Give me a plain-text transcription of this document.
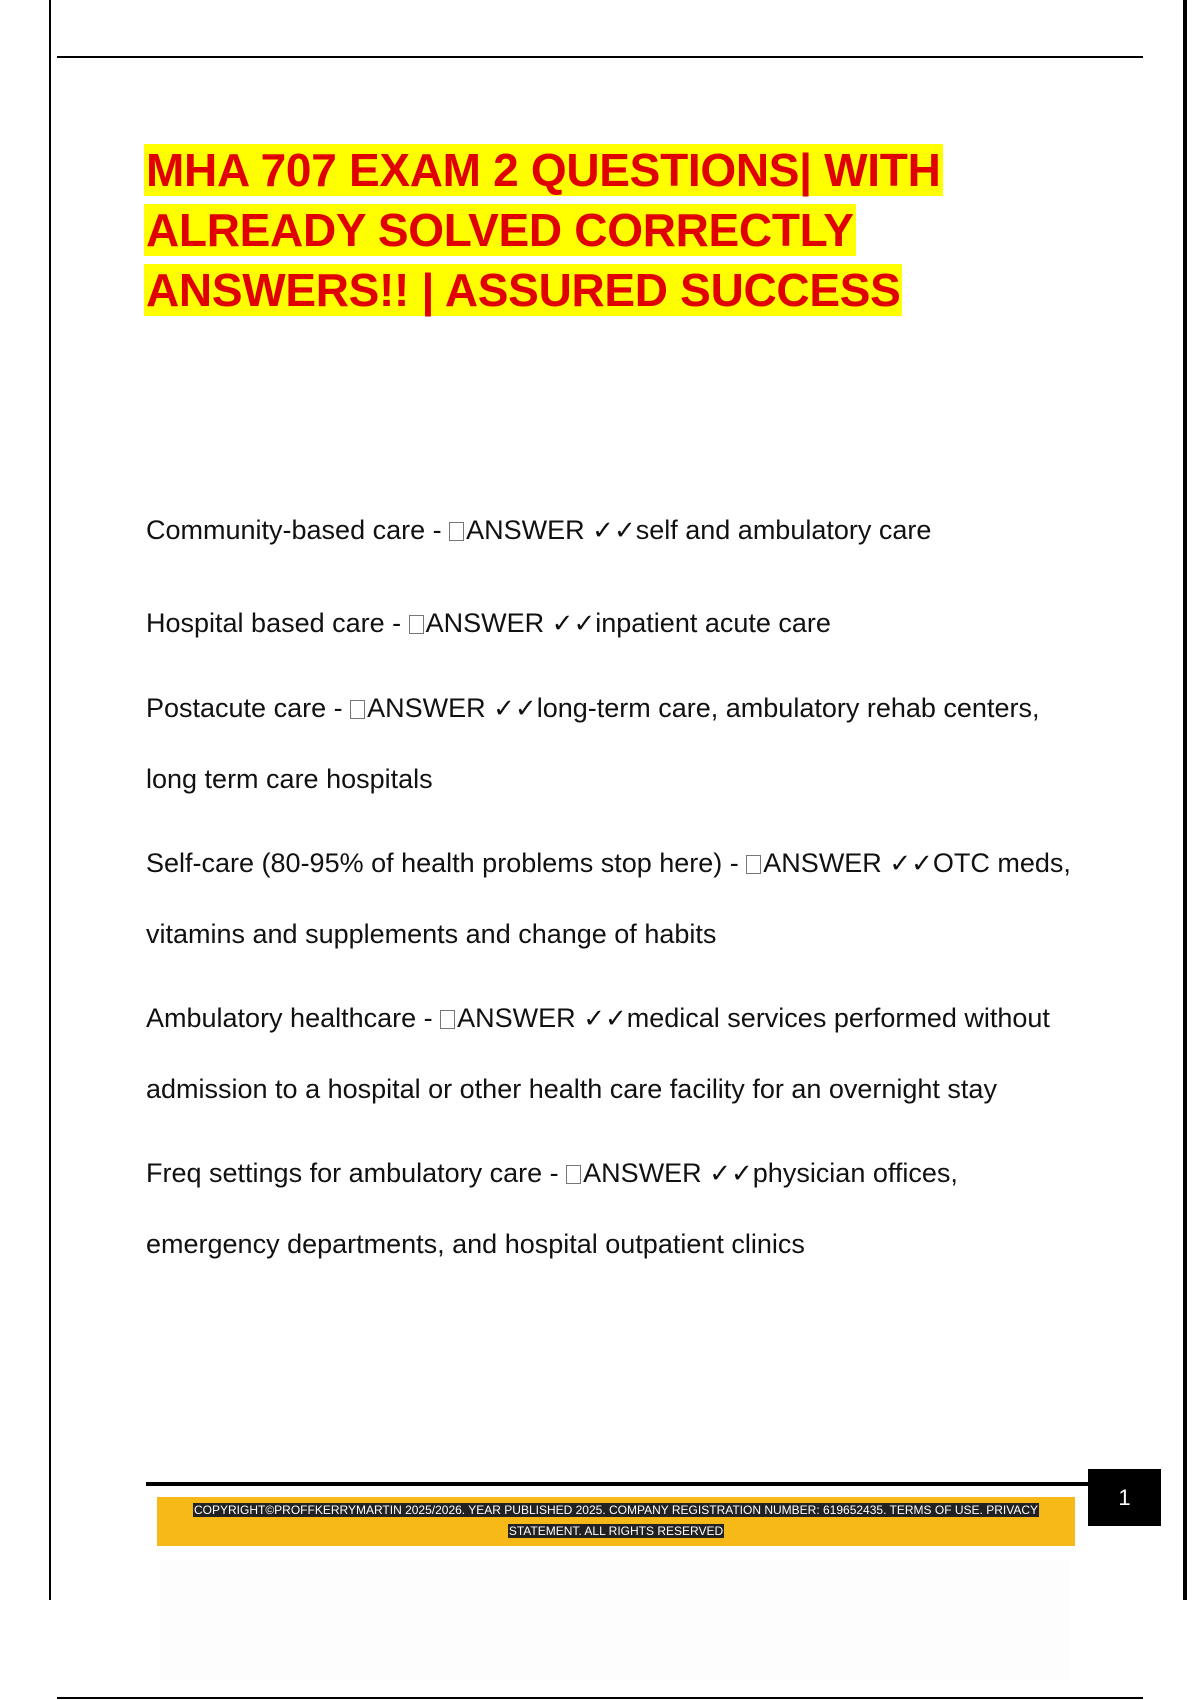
MHA 707 EXAM 2 QUESTIONS| WITH ALREADY SOLVED CORRECTLY ANSWERS!! | ASSURED SUCCESS

Community-based care - ANSWER ✓✓self and ambulatory care

Hospital based care - ANSWER ✓✓inpatient acute care

Postacute care - ANSWER ✓✓long-term care, ambulatory rehab centers, long term care hospitals

Self-care (80-95% of health problems stop here) - ANSWER ✓✓OTC meds, vitamins and supplements and change of habits

Ambulatory healthcare - ANSWER ✓✓medical services performed without admission to a hospital or other health care facility for an overnight stay

Freq settings for ambulatory care - ANSWER ✓✓physician offices, emergency departments, and hospital outpatient clinics

1

COPYRIGHT©PROFFKERRYMARTIN 2025/2026. YEAR PUBLISHED 2025. COMPANY REGISTRATION NUMBER: 619652435. TERMS OF USE. PRIVACY STATEMENT. ALL RIGHTS RESERVED
